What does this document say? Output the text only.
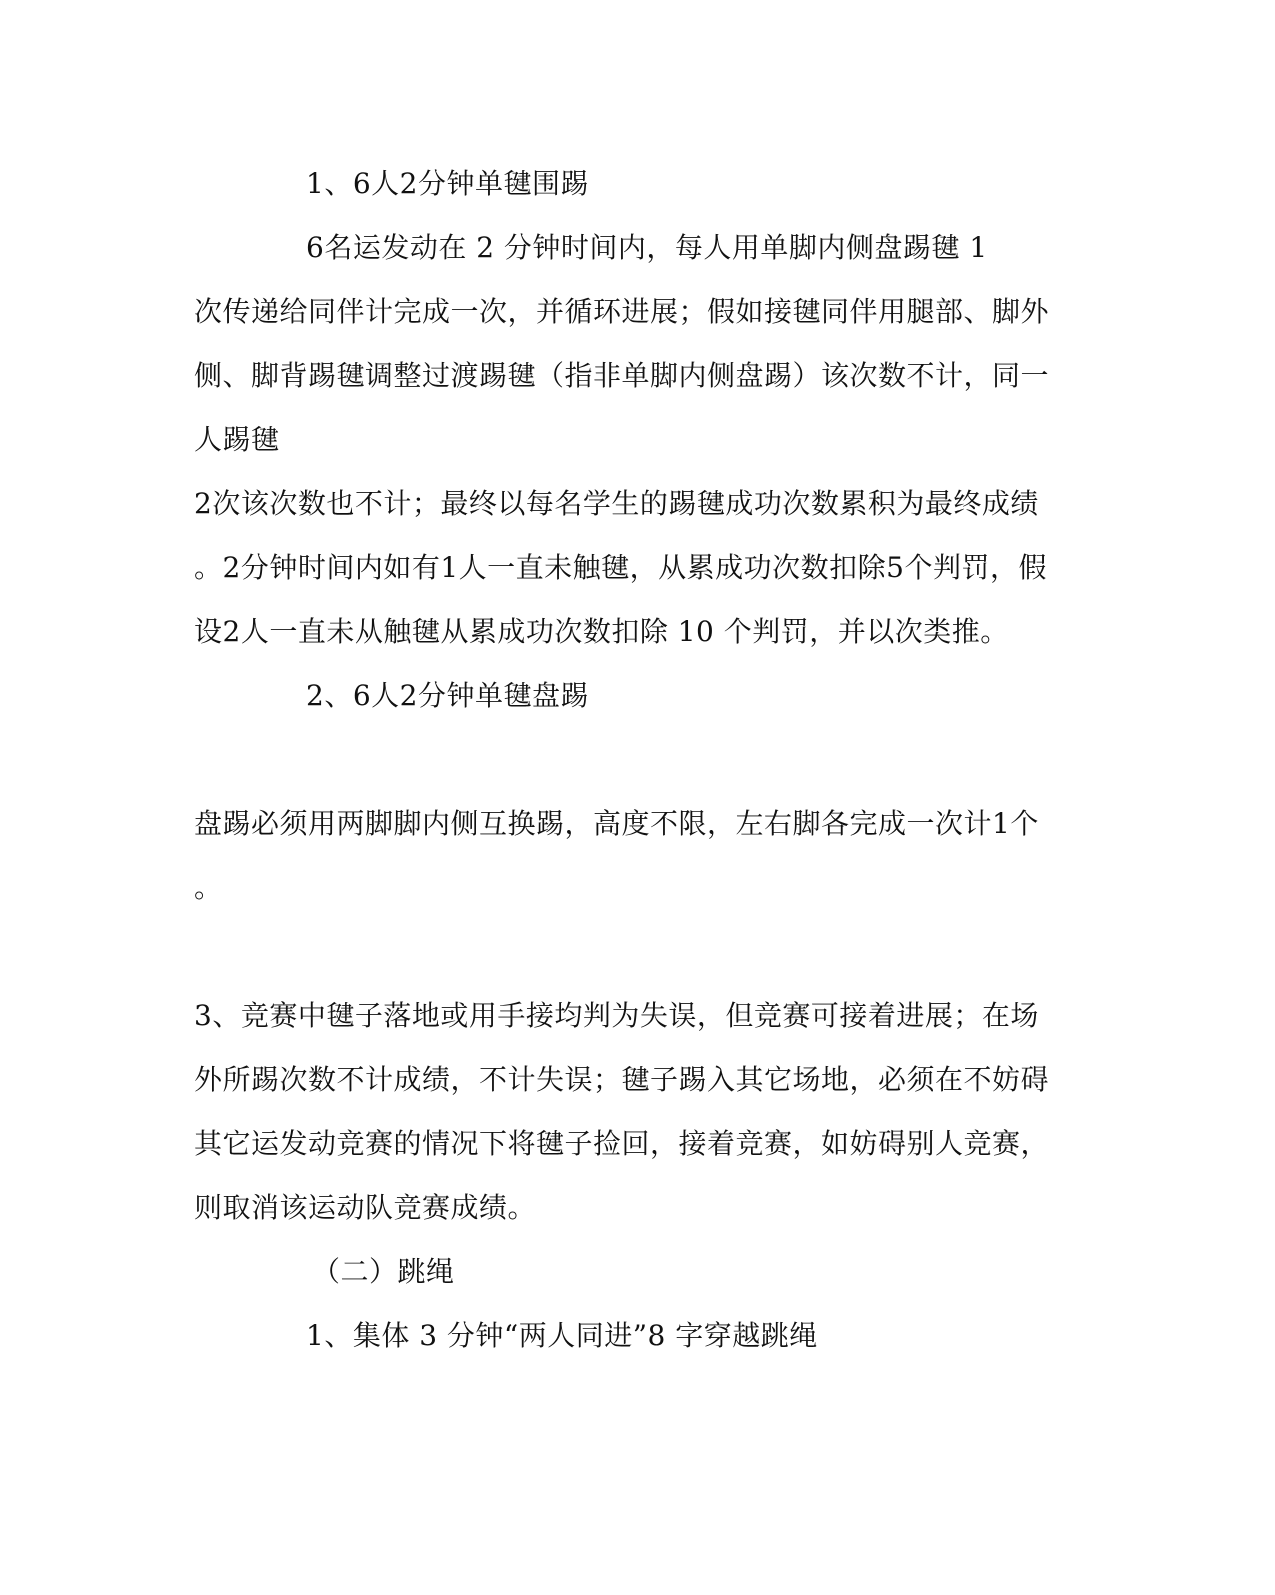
1、6人2分钟单毽围踢
6名运发动在 2 分钟时间内，每人用单脚内侧盘踢毽 1
次传递给同伴计完成一次，并循环进展；假如接毽同伴用腿部、脚外
侧、脚背踢毽调整过渡踢毽（指非单脚内侧盘踢）该次数不计，同一
人踢毽
2次该次数也不计；最终以每名学生的踢毽成功次数累积为最终成绩
。2分钟时间内如有1人一直未触毽，从累成功次数扣除5个判罚，假
设2人一直未从触毽从累成功次数扣除 10 个判罚，并以次类推。
2、6人2分钟单毽盘踢
盘踢必须用两脚脚内侧互换踢，高度不限，左右脚各完成一次计1个
。
3、竞赛中毽子落地或用手接均判为失误，但竞赛可接着进展；在场
外所踢次数不计成绩，不计失误；毽子踢入其它场地，必须在不妨碍
其它运发动竞赛的情况下将毽子捡回，接着竞赛，如妨碍别人竞赛，
则取消该运动队竞赛成绩。
（二）跳绳
1、集体 3 分钟“两人同进”8 字穿越跳绳
